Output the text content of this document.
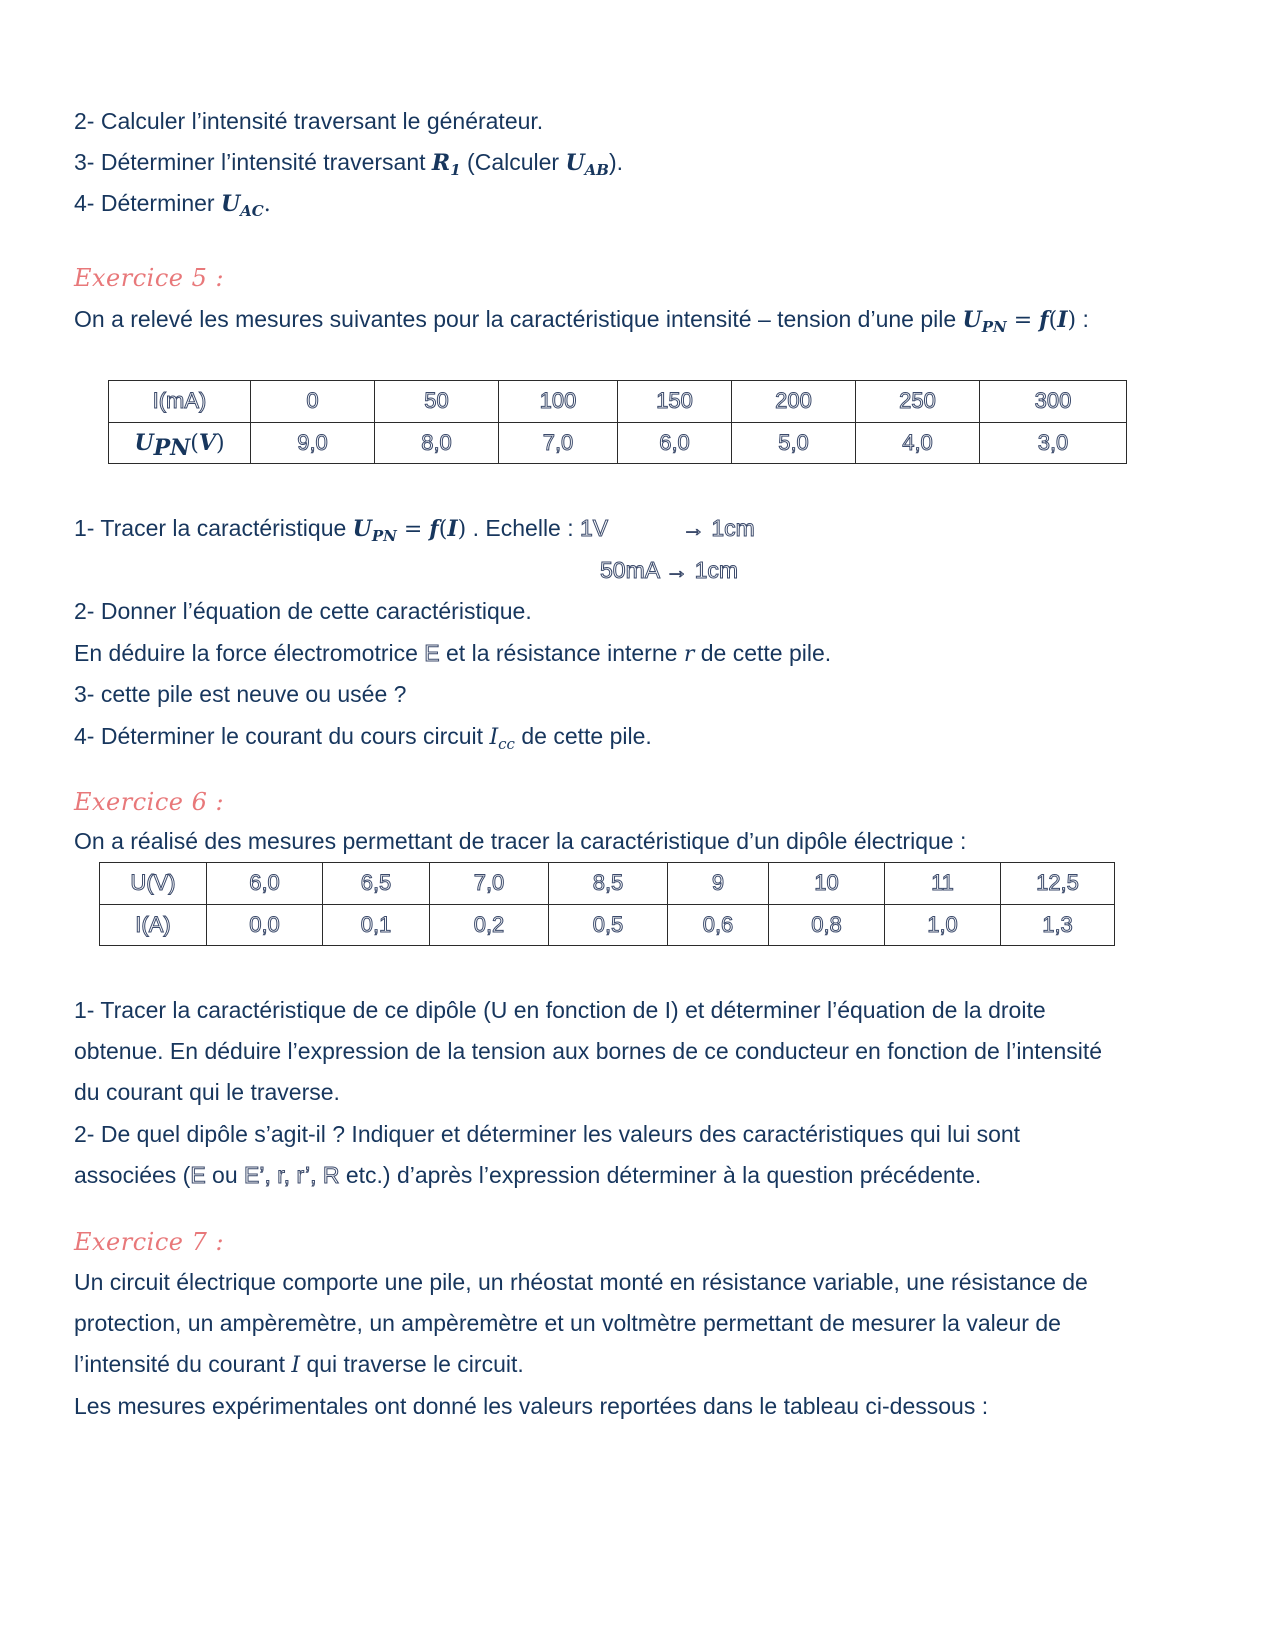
2- Calculer l’intensité traversant le générateur.
3- Déterminer l’intensité traversant $R_1$ (Calculer $U_{AB}$).
4- Déterminer $U_{AC}$.
Exercice 5 :
On a relevé les mesures suivantes pour la caractéristique intensité – tension d’une pile $U_{PN} = f(I)$ :
I(mA)	0	50	100	150	200	250	300
$U_{PN}(V)$	9,0	8,0	7,0	6,0	5,0	4,0	3,0
1- Tracer la caractéristique $U_{PN} = f(I)$ . Echelle : 1V	→ 1cm
50mA → 1cm
2- Donner l’équation de cette caractéristique.
En déduire la force électromotrice E et la résistance interne r de cette pile.
3- cette pile est neuve ou usée ?
4- Déterminer le courant du cours circuit $I_{cc}$ de cette pile.
Exercice 6 :
On a réalisé des mesures permettant de tracer la caractéristique d’un dipôle électrique :
U(V)	6,0	6,5	7,0	8,5	9	10	11	12,5
I(A)	0,0	0,1	0,2	0,5	0,6	0,8	1,0	1,3
1- Tracer la caractéristique de ce dipôle (U en fonction de I) et déterminer l’équation de la droite
obtenue. En déduire l’expression de la tension aux bornes de ce conducteur en fonction de l’intensité
du courant qui le traverse.
2- De quel dipôle s’agit-il ? Indiquer et déterminer les valeurs des caractéristiques qui lui sont
associées (E ou E’, r, r’, R etc.) d’après l’expression déterminer à la question précédente.
Exercice 7 :
Un circuit électrique comporte une pile, un rhéostat monté en résistance variable, une résistance de
protection, un ampèremètre, un ampèremètre et un voltmètre permettant de mesurer la valeur de
l’intensité du courant I qui traverse le circuit.
Les mesures expérimentales ont donné les valeurs reportées dans le tableau ci-dessous :
